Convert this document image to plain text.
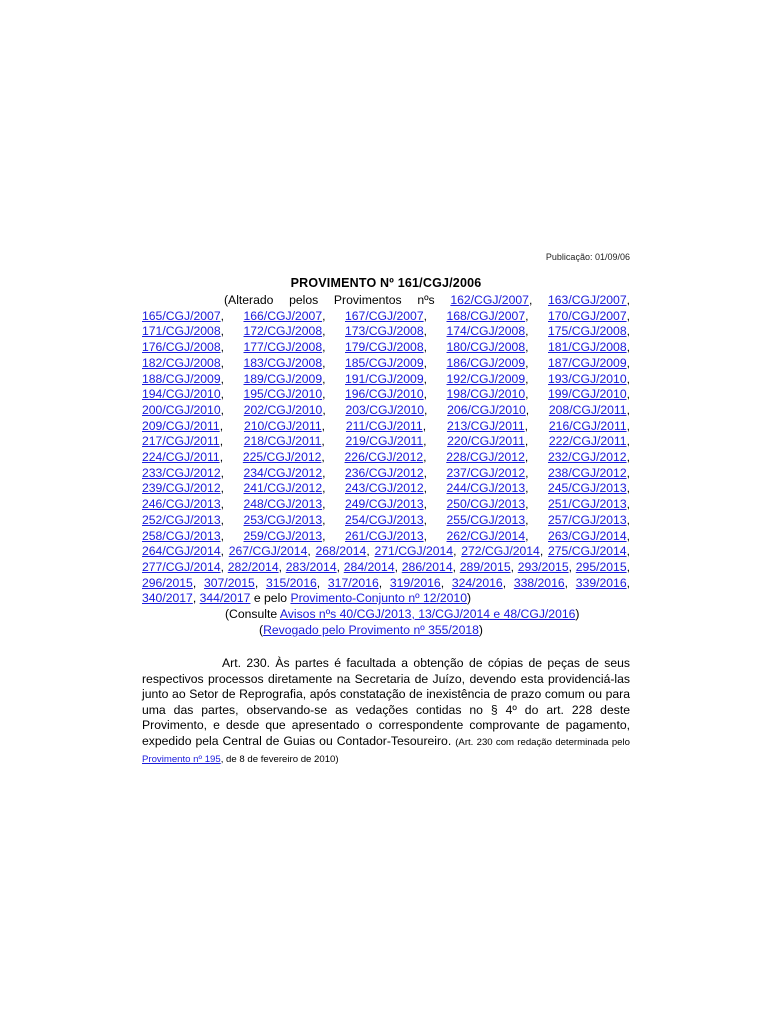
Publicação: 01/09/06
PROVIMENTO Nº 161/CGJ/2006
(Alterado pelos Provimentos nºs 162/CGJ/2007, 163/CGJ/2007, 165/CGJ/2007, 166/CGJ/2007, 167/CGJ/2007, 168/CGJ/2007, 170/CGJ/2007, 171/CGJ/2008, 172/CGJ/2008, 173/CGJ/2008, 174/CGJ/2008, 175/CGJ/2008, 176/CGJ/2008, 177/CGJ/2008, 179/CGJ/2008, 180/CGJ/2008, 181/CGJ/2008, 182/CGJ/2008, 183/CGJ/2008, 185/CGJ/2009, 186/CGJ/2009, 187/CGJ/2009, 188/CGJ/2009, 189/CGJ/2009, 191/CGJ/2009, 192/CGJ/2009, 193/CGJ/2010, 194/CGJ/2010, 195/CGJ/2010, 196/CGJ/2010, 198/CGJ/2010, 199/CGJ/2010, 200/CGJ/2010, 202/CGJ/2010, 203/CGJ/2010, 206/CGJ/2010, 208/CGJ/2011, 209/CGJ/2011, 210/CGJ/2011, 211/CGJ/2011, 213/CGJ/2011, 216/CGJ/2011, 217/CGJ/2011, 218/CGJ/2011, 219/CGJ/2011, 220/CGJ/2011, 222/CGJ/2011, 224/CGJ/2011, 225/CGJ/2012, 226/CGJ/2012, 228/CGJ/2012, 232/CGJ/2012, 233/CGJ/2012, 234/CGJ/2012, 236/CGJ/2012, 237/CGJ/2012, 238/CGJ/2012, 239/CGJ/2012, 241/CGJ/2012, 243/CGJ/2012, 244/CGJ/2013, 245/CGJ/2013, 246/CGJ/2013, 248/CGJ/2013, 249/CGJ/2013, 250/CGJ/2013, 251/CGJ/2013, 252/CGJ/2013, 253/CGJ/2013, 254/CGJ/2013, 255/CGJ/2013, 257/CGJ/2013, 258/CGJ/2013, 259/CGJ/2013, 261/CGJ/2013, 262/CGJ/2014, 263/CGJ/2014, 264/CGJ/2014, 267/CGJ/2014, 268/2014, 271/CGJ/2014, 272/CGJ/2014, 275/CGJ/2014, 277/CGJ/2014, 282/2014, 283/2014, 284/2014, 286/2014, 289/2015, 293/2015, 295/2015, 296/2015, 307/2015, 315/2016, 317/2016, 319/2016, 324/2016, 338/2016, 339/2016, 340/2017, 344/2017 e pelo Provimento-Conjunto nº 12/2010)
(Consulte Avisos nºs 40/CGJ/2013, 13/CGJ/2014 e 48/CGJ/2016)
(Revogado pelo Provimento nº 355/2018)
Art. 230. Às partes é facultada a obtenção de cópias de peças de seus respectivos processos diretamente na Secretaria de Juízo, devendo esta providenciá-las junto ao Setor de Reprografia, após constatação de inexistência de prazo comum ou para uma das partes, observando-se as vedações contidas no § 4º do art. 228 deste Provimento, e desde que apresentado o correspondente comprovante de pagamento, expedido pela Central de Guias ou Contador-Tesoureiro. (Art. 230 com redação determinada pelo Provimento nº 195, de 8 de fevereiro de 2010)
